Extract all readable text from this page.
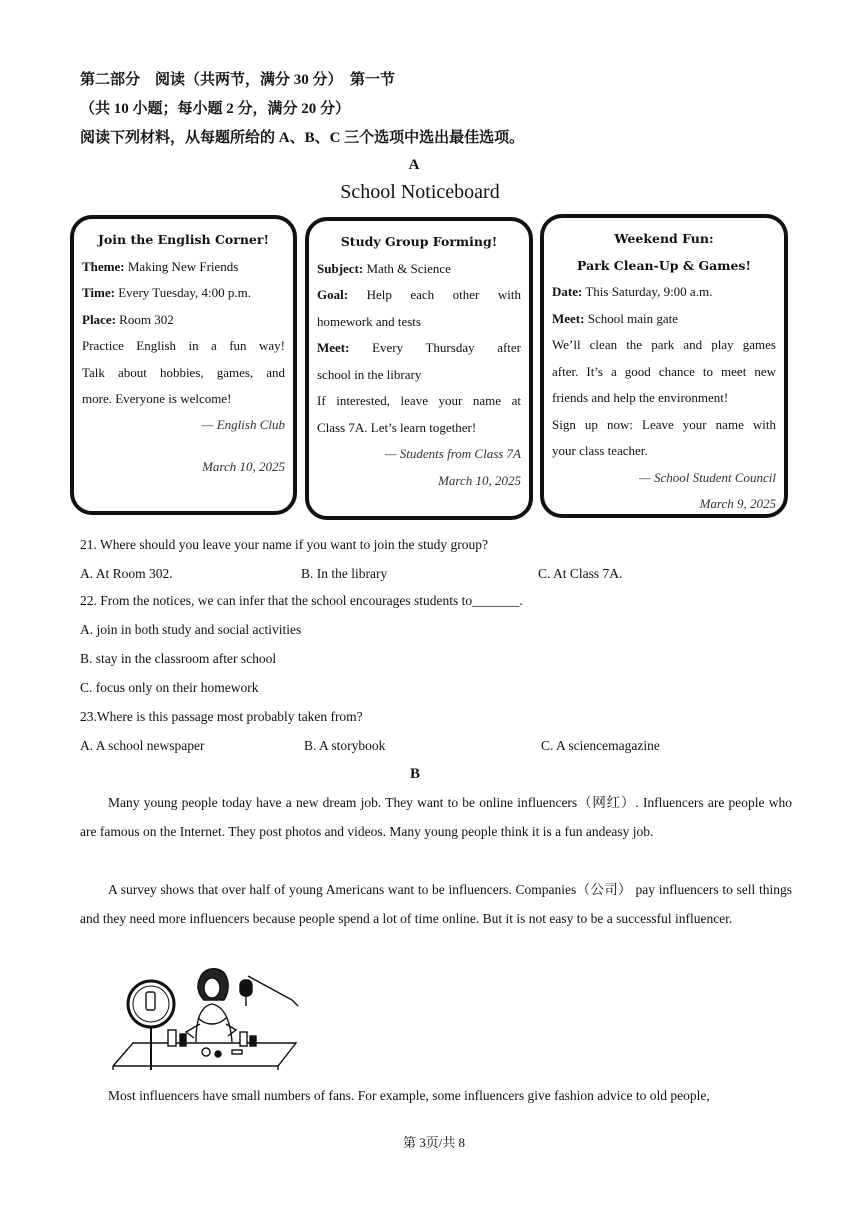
第二部分　阅读（共两节，满分 30 分）　第一节
（共 10 小题；每小题 2 分，满分 20 分）
阅读下列材料，从每题所给的 A、B、C 三个选项中选出最佳选项。
A
School Noticeboard
Join the English Corner!
Theme: Making New Friends
Time: Every Tuesday, 4:00 p.m.
Place: Room 302
Practice English in a fun way!
Talk about hobbies, games, and
more. Everyone is welcome!
— English Club
March 10, 2025
Study Group Forming!
Subject: Math & Science
Goal: Help each other with
homework and tests
Meet: Every Thursday after
school in the library
If interested, leave your name at
Class 7A. Let’s learn together!
— Students from Class 7A
March 10, 2025
Weekend Fun:
Park Clean-Up & Games!
Date: This Saturday, 9:00 a.m.
Meet: School main gate
We’ll clean the park and play games
after. It’s a good chance to meet new
friends and help the environment!
Sign up now: Leave your name with
your class teacher.
— School Student Council
March 9, 2025
21. Where should you leave your name if you want to join the study group?
A. At Room 302.	B. In the library	C. At Class 7A.
22. From the notices, we can infer that the school encourages students to_______.
A. join in both study and social activities
B. stay in the classroom after school
C. focus only on their homework
23.Where is this passage most probably taken from?
A. A school newspaper	B. A storybook	C. A sciencemagazine
B
Many young people today have a new dream job. They want to be online influencers（网红）. Influencers are people who are famous on the Internet. They post photos and videos. Many young people think it is a fun andeasy job.
A survey shows that over half of young Americans want to be influencers. Companies（公司） pay influencers to sell things and they need more influencers because people spend a lot of time online. But it is not easy to be a successful influencer.
Most influencers have small numbers of fans. For example, some influencers give fashion advice to old people,
第 3页/共 8
